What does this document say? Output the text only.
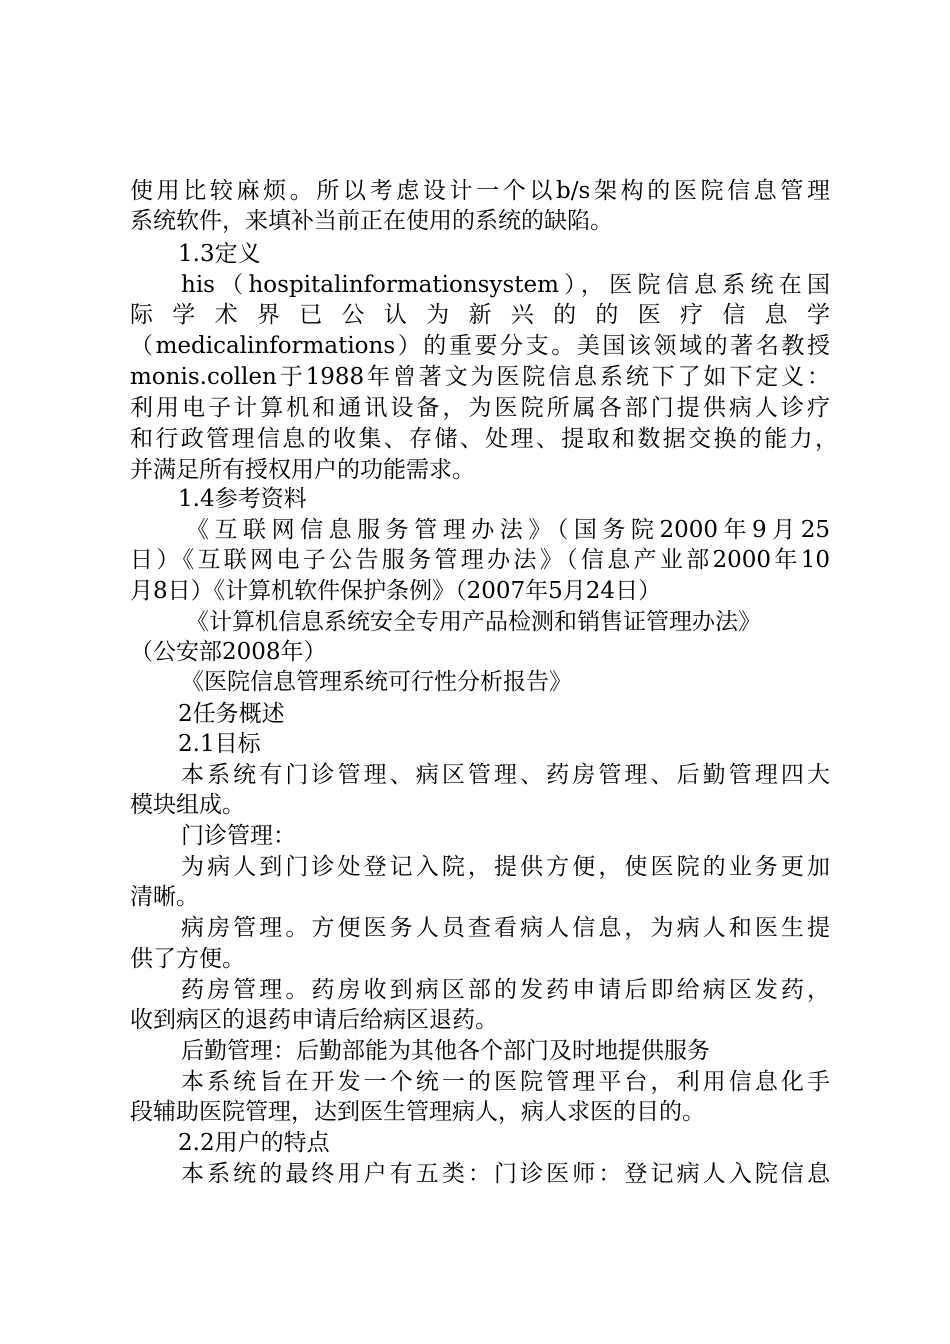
使用比较麻烦。所以考虑设计一个以b/s架构的医院信息管理
系统软件，来填补当前正在使用的系统的缺陷。
1.3定义
his（hospitalinformationsystem），医院信息系统在国
际 学 术 界 已 公 认 为 新 兴 的 的 医 疗 信 息 学
（medicalinformations）的重要分支。美国该领域的著名教授
monis.collen于1988年曾著文为医院信息系统下了如下定义：
利用电子计算机和通讯设备，为医院所属各部门提供病人诊疗
和行政管理信息的收集、存储、处理、提取和数据交换的能力，
并满足所有授权用户的功能需求。
1.4参考资料
《互联网信息服务管理办法》（国务院2000年9月25
日）《互联网电子公告服务管理办法》（信息产业部2000年10
月8日）《计算机软件保护条例》（2007年5月24日）
《计算机信息系统安全专用产品检测和销售证管理办法》
（公安部2008年）
《医院信息管理系统可行性分析报告》
2任务概述
2.1目标
本系统有门诊管理、病区管理、药房管理、后勤管理四大
模块组成。
门诊管理：
为病人到门诊处登记入院，提供方便，使医院的业务更加
清晰。
病房管理。方便医务人员查看病人信息，为病人和医生提
供了方便。
药房管理。药房收到病区部的发药申请后即给病区发药，
收到病区的退药申请后给病区退药。
后勤管理：后勤部能为其他各个部门及时地提供服务
本系统旨在开发一个统一的医院管理平台，利用信息化手
段辅助医院管理，达到医生管理病人，病人求医的目的。
2.2用户的特点
本系统的最终用户有五类：门诊医师：登记病人入院信息
